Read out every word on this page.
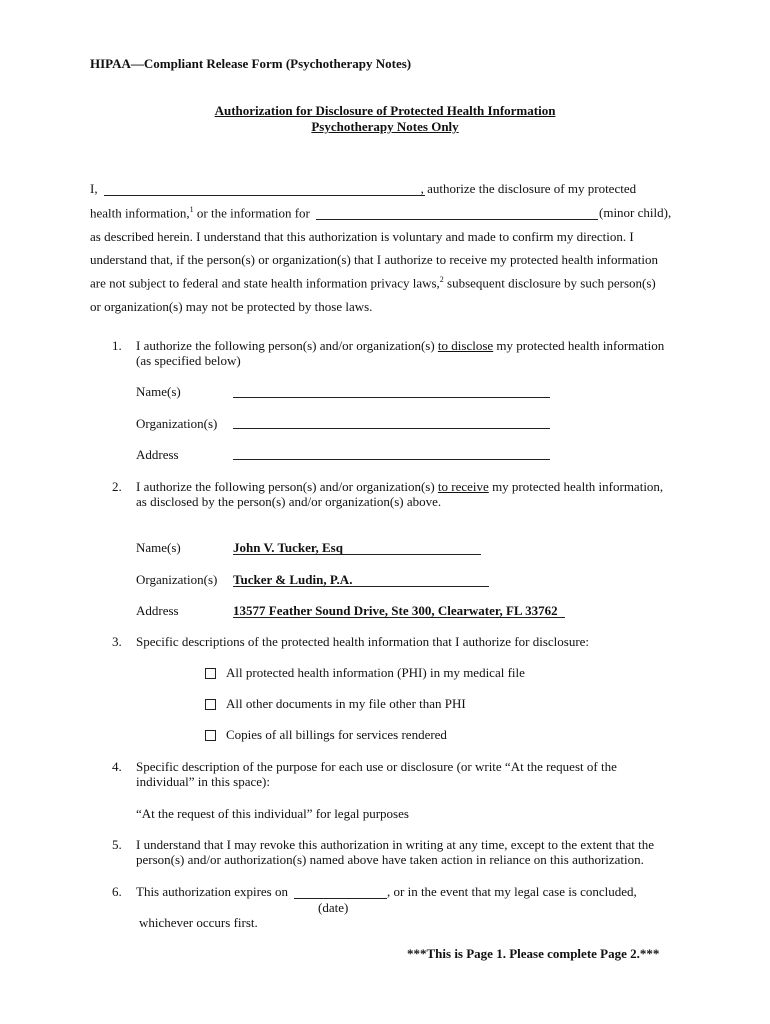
HIPAA—Compliant Release Form (Psychotherapy Notes)
Authorization for Disclosure of Protected Health Information
Psychotherapy Notes Only
I,	, authorize the disclosure of my protected
health information,$^1$ or the information for	(minor child),
as described herein. I understand that this authorization is voluntary and made to confirm my direction. I
understand that, if the person(s) or organization(s) that I authorize to receive my protected health information
are not subject to federal and state health information privacy laws,$^2$ subsequent disclosure by such person(s)
or organization(s) may not be protected by those laws.
1. I authorize the following person(s) and/or organization(s) to disclose my protected health information
(as specified below)
Name(s)
Organization(s)
Address
2. I authorize the following person(s) and/or organization(s) to receive my protected health information,
as disclosed by the person(s) and/or organization(s) above.
Name(s)	John V. Tucker, Esq
Organization(s) Tucker & Ludin, P.A.
Address	13577 Feather Sound Drive, Ste 300, Clearwater, FL 33762
3. Specific descriptions of the protected health information that I authorize for disclosure:
All protected health information (PHI) in my medical file
All other documents in my file other than PHI
Copies of all billings for services rendered
4. Specific description of the purpose for each use or disclosure (or write “At the request of the
individual” in this space):
“At the request of this individual” for legal purposes
5. I understand that I may revoke this authorization in writing at any time, except to the extent that the
person(s) and/or authorization(s) named above have taken action in reliance on this authorization.
6. This authorization expires on	, or in the event that my legal case is concluded,
(date)
whichever occurs first.
***This is Page 1. Please complete Page 2.***
